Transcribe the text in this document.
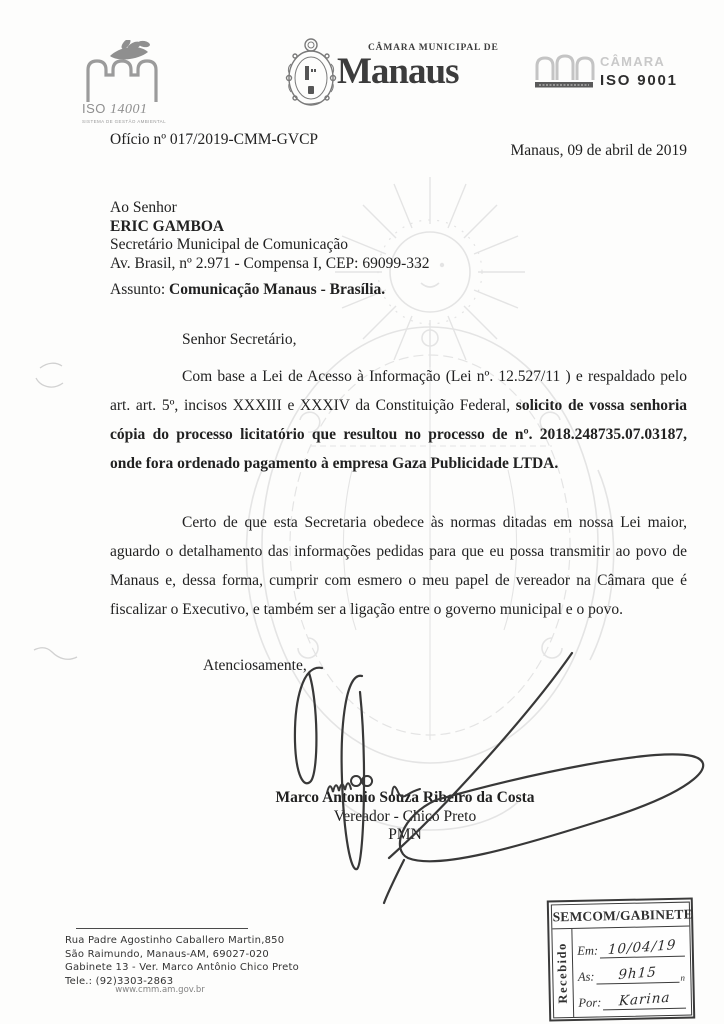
ISO 14001
SISTEMA DE GESTÃO AMBIENTAL
CÂMARA MUNICIPAL DE
Manaus	CÂMARA
ISO 9001

Ofício nº 017/2019-CMM-GVCP

Manaus, 09 de abril de 2019

Ao Senhor
ERIC GAMBOA
Secretário Municipal de Comunicação
Av. Brasil, nº 2.971 - Compensa I, CEP: 69099-332

Assunto: Comunicação Manaus - Brasília.

Senhor Secretário,

Com base a Lei de Acesso à Informação (Lei nº. 12.527/11 ) e respaldado pelo art. art. 5º, incisos XXXIII e XXXIV da Constituição Federal, solicito de vossa senhoria cópia do processo licitatório que resultou no processo de nº. 2018.248735.07.03187, onde fora ordenado pagamento à empresa Gaza Publicidade LTDA.

Certo de que esta Secretaria obedece às normas ditadas em nossa Lei maior, aguardo o detalhamento das informações pedidas para que eu possa transmitir ao povo de Manaus e, dessa forma, cumprir com esmero o meu papel de vereador na Câmara que é fiscalizar o Executivo, e também ser a ligação entre o governo municipal e o povo.

Atenciosamente,

Marco Antonio Souza Ribeiro da Costa
Vereador - Chico Preto
PMN
Rua Padre Agostinho Caballero Martin,850
São Raimundo, Manaus-AM, 69027-020
Gabinete 13 - Ver. Marco Antônio Chico Preto
Tele.: (92)3303-2863
www.cmm.am.gov.br
SEMCOM/GABINETE
Recebido Em: 10/04/19
As:	9h15	n
Por:	Karina
